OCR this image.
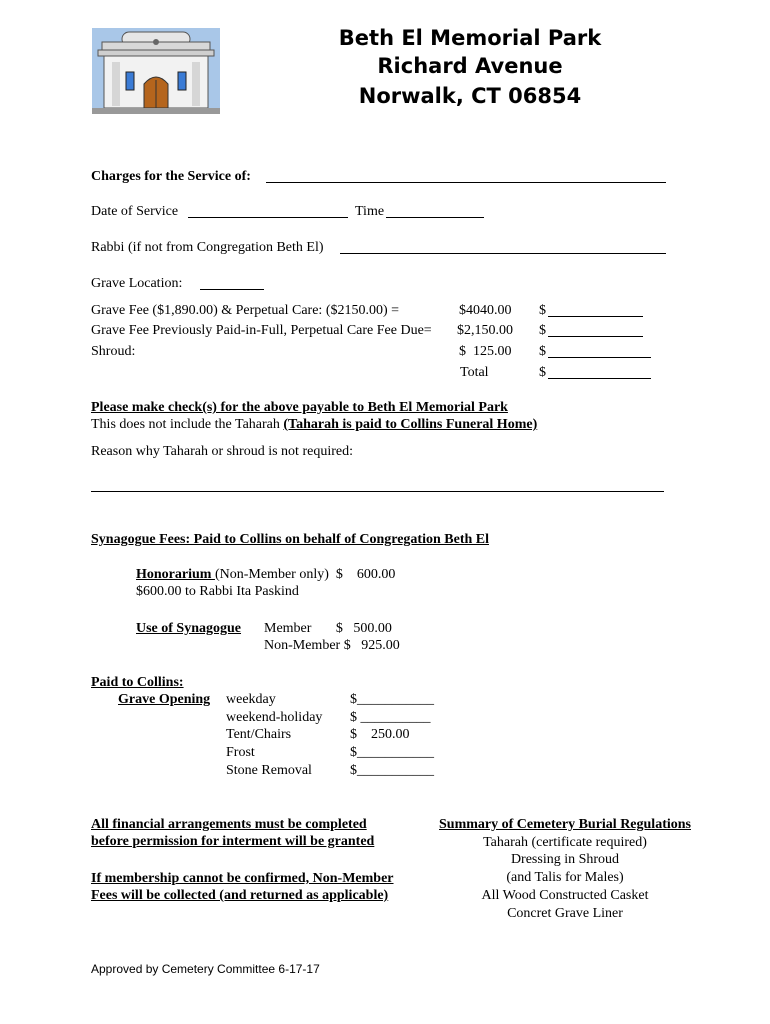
Beth El Memorial Park
Richard Avenue
Norwalk, CT 06854
Charges for the Service of:
Date of Service	Time
Rabbi (if not from Congregation Beth El)
Grave Location:
Grave Fee ($1,890.00) & Perpetual Care: ($2150.00) =	$4040.00 $
Grave Fee Previously Paid-in-Full, Perpetual Care Fee Due= $2,150.00 $
Shroud:	$  125.00 $
Total	$
Please make check(s) for the above payable to Beth El Memorial Park
This does not include the Taharah (Taharah is paid to Collins Funeral Home)
Reason why Taharah or shroud is not required:
Synagogue Fees: Paid to Collins on behalf of Congregation Beth El
Honorarium (Non-Member only)  $    600.00
$600.00 to Rabbi Ita Paskind
Use of Synagogue Member       $   500.00
Non-Member $   925.00
Paid to Collins:
Grave Opening weekday	$___________
weekend-holiday $ __________
Tent/Chairs	$    250.00
Frost	$___________
Stone Removal	$___________
All financial arrangements must be completed
before permission for interment will be granted
If membership cannot be confirmed, Non-Member
Fees will be collected (and returned as applicable)
Summary of Cemetery Burial Regulations
Taharah (certificate required)
Dressing in Shroud
(and Talis for Males)
All Wood Constructed Casket
Concret Grave Liner
Approved by Cemetery Committee 6-17-17
